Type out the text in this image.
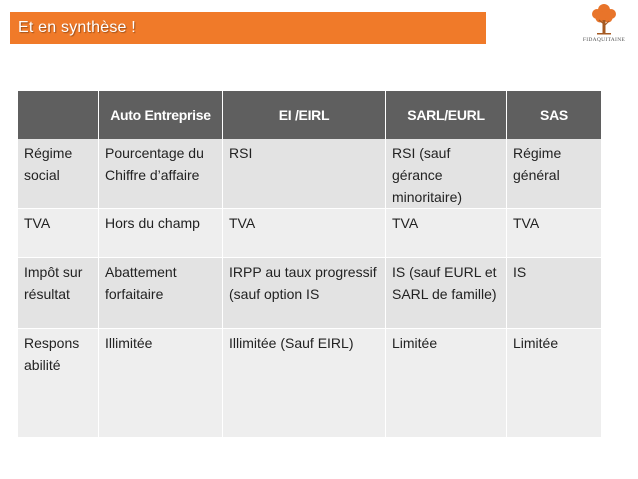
Et en synthèse !
FIDAQUITAINE
	Auto Entreprise	EI /EIRL	SARL/EURL	SAS
Régime social	Pourcentage du Chiffre d’affaire	RSI	RSI (sauf gérance minoritaire)	Régime général
TVA	Hors du champ	TVA	TVA	TVA
Impôt sur résultat	Abattement forfaitaire	IRPP au taux progressif (sauf option IS	IS (sauf EURL et SARL de famille)	IS
Respons abilité	Illimitée	Illimitée (Sauf EIRL)	Limitée	Limitée
